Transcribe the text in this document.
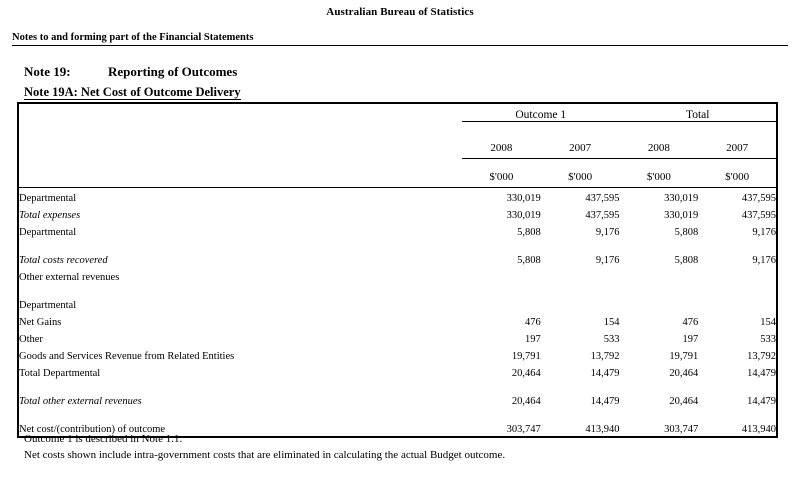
Australian Bureau of Statistics
Notes to and forming part of the Financial Statements
Note 19:	Reporting of Outcomes
Note 19A: Net Cost of Outcome Delivery
	Outcome 1		Total	
	2008	2007	2008	2007
	$'000	$'000	$'000	$'000
Departmental	330,019	437,595	330,019	437,595
Total expenses	330,019	437,595	330,019	437,595
Departmental	5,808	9,176	5,808	9,176
Total costs recovered	5,808	9,176	5,808	9,176
Other external revenues				
Departmental				
Net Gains	476	154	476	154
Other	197	533	197	533
Goods and Services Revenue from Related Entities	19,791	13,792	19,791	13,792
Total Departmental	20,464	14,479	20,464	14,479
Total other external revenues	20,464	14,479	20,464	14,479
Net cost/(contribution) of outcome	303,747	413,940	303,747	413,940
Outcome 1 is described in Note 1.1.
Net costs shown include intra-government costs that are eliminated in calculating the actual Budget outcome.
